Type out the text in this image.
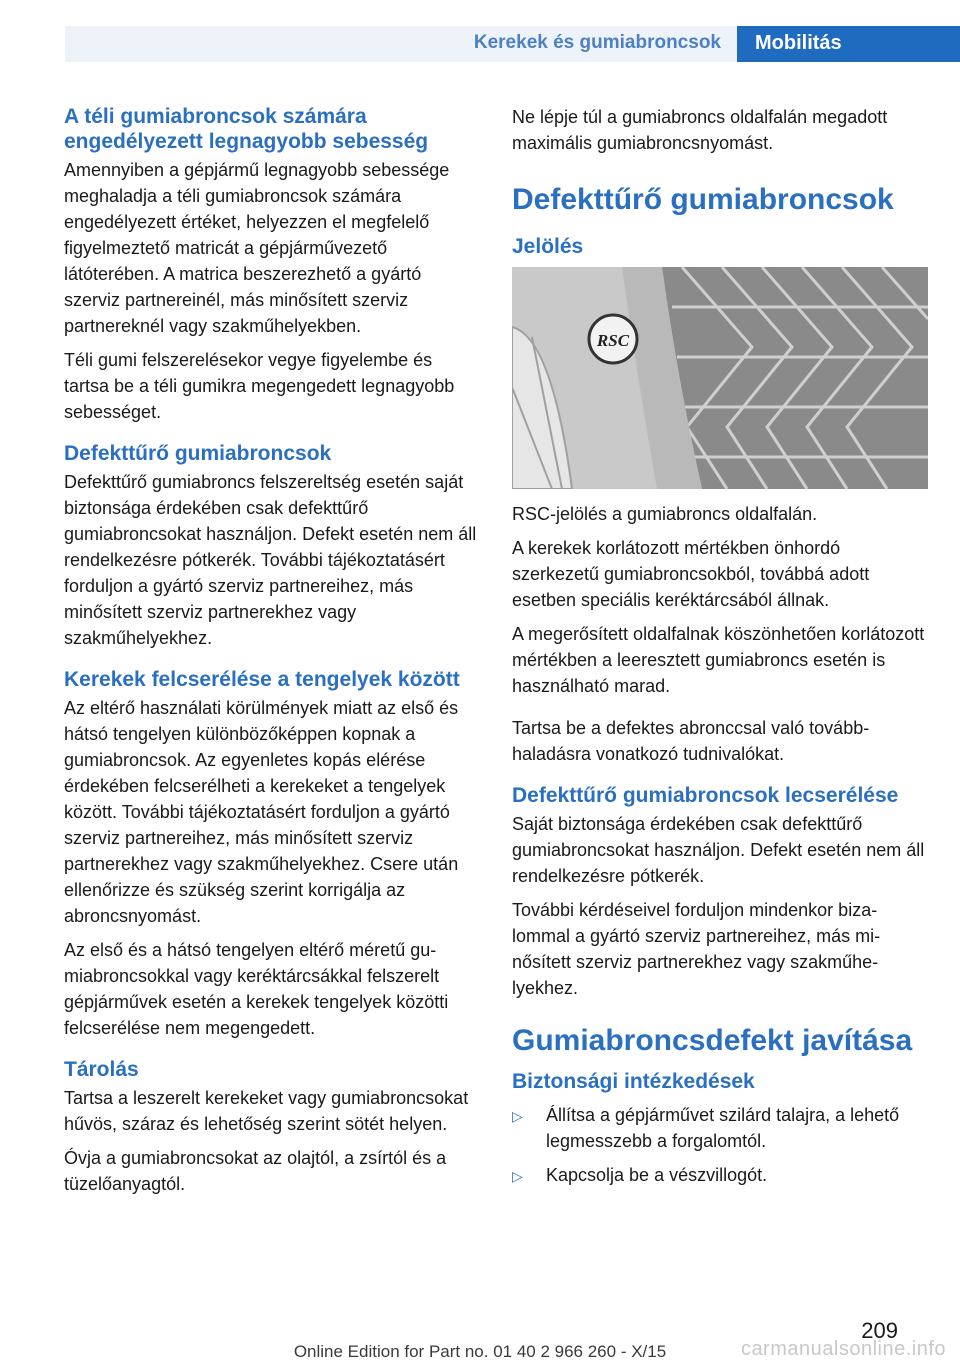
Kerekek és gumiabroncsok	Mobilitás
A téli gumiabroncsok számára engedélyezett legnagyobb sebesség
Amennyiben a gépjármű legnagyobb sebessége meghaladja a téli gumiabroncsok számára engedélyezett értéket, helyezzen el megfelelő figyelmeztető matricát a gépjárművezető látóterében. A matrica beszerezhető a gyártó szerviz partnereinél, más minősített szerviz partnereknél vagy szakműhelyekben.
Téli gumi felszerelésekor vegye figyelembe és tartsa be a téli gumikra megengedett legnagyobb sebességet.
Defekttűrő gumiabroncsok
Defekttűrő gumiabroncs felszereltség esetén saját biztonsága érdekében csak defekttűrő gumiabroncsokat használjon. Defekt esetén nem áll rendelkezésre pótkerék. További tájékoztatásért forduljon a gyártó szerviz partnereihez, más minősített szerviz partnerekhez vagy szakműhelyekhez.
Kerekek felcserélése a tengelyek között
Az eltérő használati körülmények miatt az első és hátsó tengelyen különbözőképpen kopnak a gumiabroncsok. Az egyenletes kopás elérése érdekében felcserélheti a kerekeket a tengelyek között. További tájékoztatásért forduljon a gyártó szerviz partnereihez, más minősített szerviz partnerekhez vagy szakműhelyekhez. Csere után ellenőrizze és szükség szerint korrigálja az abroncsnyomást.
Az első és a hátsó tengelyen eltérő méretű gumiabroncsokkal vagy keréktárcsákkal felszerelt gépjárművek esetén a kerekek tengelyek közötti felcserélése nem megengedett.
Tárolás
Tartsa a leszerelt kerekeket vagy gumiabroncsokat hűvös, száraz és lehetőség szerint sötét helyen.
Óvja a gumiabroncsokat az olajtól, a zsírtól és a tüzelőanyagtól.
Ne lépje túl a gumiabroncs oldalfalán megadott maximális gumiabroncsnyomást.
Defekttűrő gumiabroncsok
Jelölés
RSC
RSC-jelölés a gumiabroncs oldalfalán.
A kerekek korlátozott mértékben önhordó szerkezetű gumiabroncsokból, továbbá adott esetben speciális keréktárcsából állnak.
A megerősített oldalfalnak köszönhetően korlátozott mértékben a leeresztett gumiabroncs esetén is használható marad.
Tartsa be a defektes abronccsal való továbbhaladásra vonatkozó tudnivalókat.
Defekttűrő gumiabroncsok lecserélése
Saját biztonsága érdekében csak defekttűrő gumiabroncsokat használjon. Defekt esetén nem áll rendelkezésre pótkerék.
További kérdéseivel forduljon mindenkor bizalommal a gyártó szerviz partnereihez, más minősített szerviz partnerekhez vagy szakműhelyekhez.
Gumiabroncsdefekt javítása
Biztonsági intézkedések
▷	Állítsa a gépjárművet szilárd talajra, a lehető legmesszebb a forgalomtól.
▷	Kapcsolja be a vészvillogót.
209
Online Edition for Part no. 01 40 2 966 260 - X/15	carmanualsonline.info
